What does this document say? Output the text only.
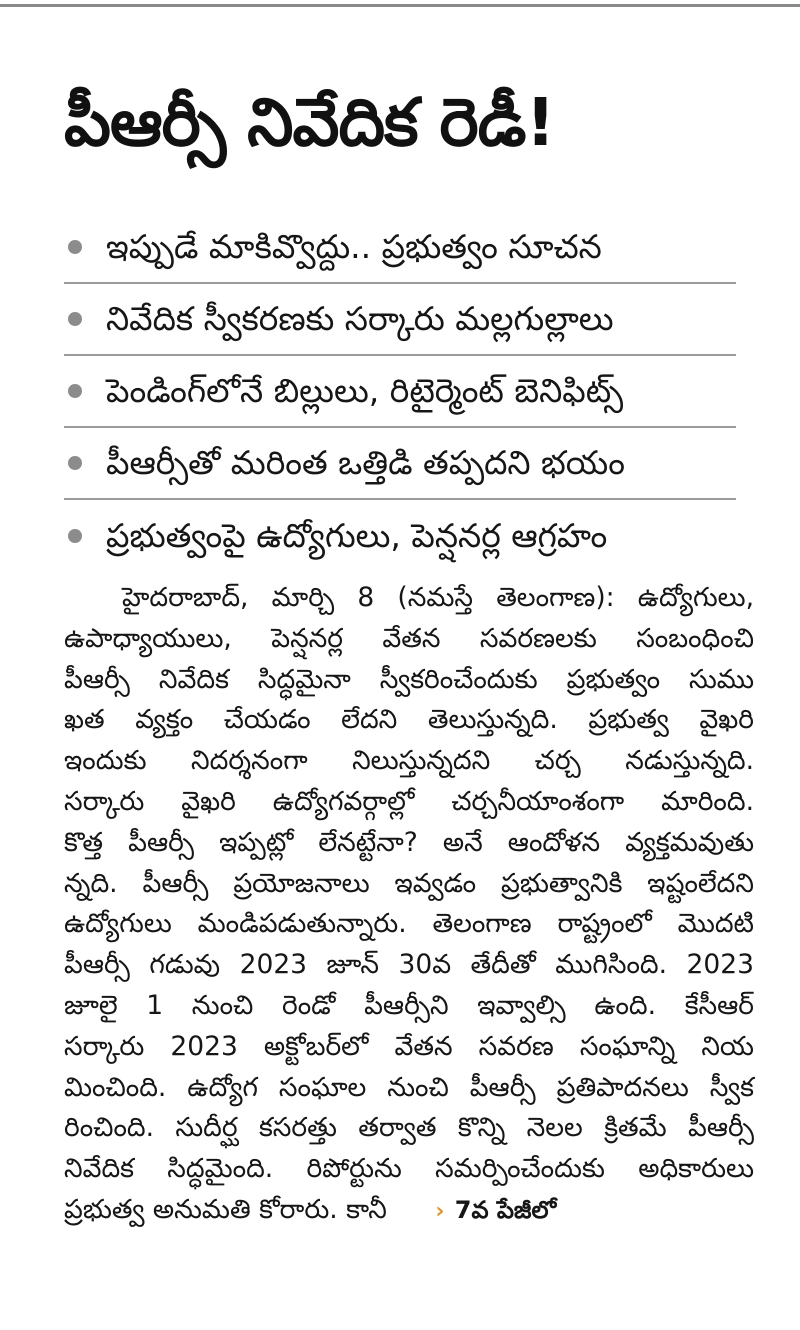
పీఆర్సీ నివేదిక రెడీ!
ఇప్పుడే మాకివ్వొద్దు.. ప్రభుత్వం సూచన
నివేదిక స్వీకరణకు సర్కారు మల్లగుల్లాలు
పెండింగ్‌లోనే బిల్లులు, రిటైర్మెంట్ బెనిఫిట్స్
పీఆర్సీతో మరింత ఒత్తిడి తప్పదని భయం
ప్రభుత్వంపై ఉద్యోగులు, పెన్షనర్ల ఆగ్రహం
హైదరాబాద్, మార్చి 8 (నమస్తే తెలంగాణ): ఉద్యోగులు,
ఉపాధ్యాయులు, పెన్షనర్ల వేతన సవరణలకు సంబంధించి
పీఆర్సీ నివేదిక సిద్ధమైనా స్వీకరించేందుకు ప్రభుత్వం సుము
ఖత వ్యక్తం చేయడం లేదని తెలుస్తున్నది. ప్రభుత్వ వైఖరి
ఇందుకు నిదర్శనంగా నిలుస్తున్నదని చర్చ నడుస్తున్నది.
సర్కారు వైఖరి ఉద్యోగవర్గాల్లో చర్చనీయాంశంగా మారింది.
కొత్త పీఆర్సీ ఇప్పట్లో లేనట్టేనా? అనే ఆందోళన వ్యక్తమవుతు
న్నది. పీఆర్సీ ప్రయోజనాలు ఇవ్వడం ప్రభుత్వానికి ఇష్టంలేదని
ఉద్యోగులు మండిపడుతున్నారు. తెలంగాణ రాష్ట్రంలో మొదటి
పీఆర్సీ గడువు 2023 జూన్ 30వ తేదీతో ముగిసింది. 2023
జూలై 1 నుంచి రెండో పీఆర్సీని ఇవ్వాల్సి ఉంది. కేసీఆర్
సర్కారు 2023 అక్టోబర్‌లో వేతన సవరణ సంఘాన్ని నియ
మించింది. ఉద్యోగ సంఘాల నుంచి పీఆర్సీ ప్రతిపాదనలు స్వీక
రించింది. సుదీర్ఘ కసరత్తు తర్వాత కొన్ని నెలల క్రితమే పీఆర్సీ
నివేదిక సిద్ధమైంది. రిపోర్టును సమర్పించేందుకు అధికారులు
ప్రభుత్వ అనుమతి కోరారు. కానీ › 7వ పేజీలో
